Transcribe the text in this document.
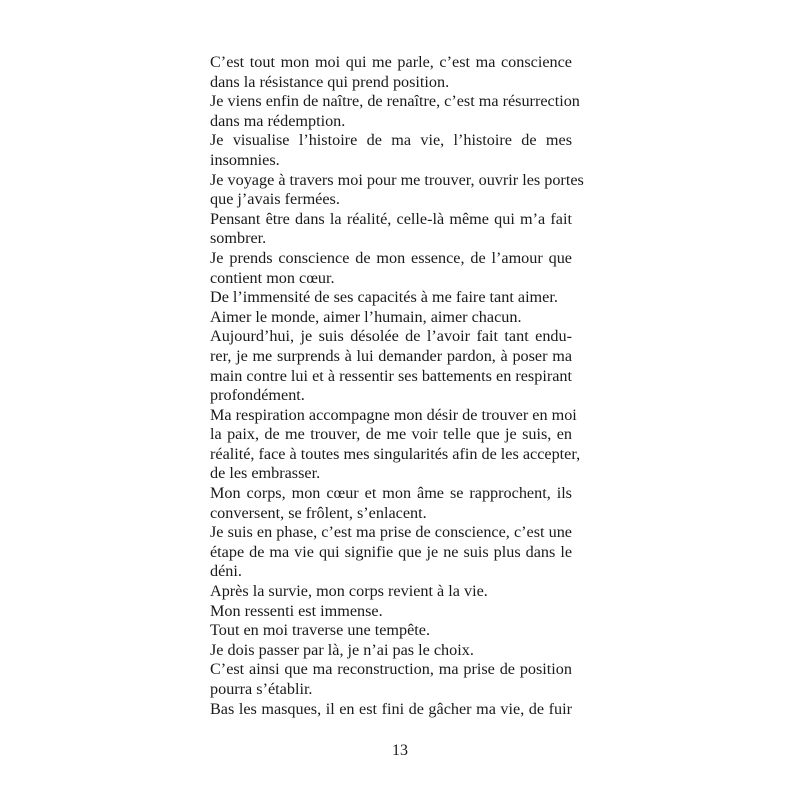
C’est tout mon moi qui me parle, c’est ma conscience
dans la résistance qui prend position.
Je viens enfin de naître, de renaître, c’est ma résurrection
dans ma rédemption.
Je visualise l’histoire de ma vie, l’histoire de mes
insomnies.
Je voyage à travers moi pour me trouver, ouvrir les portes
que j’avais fermées.
Pensant être dans la réalité, celle-là même qui m’a fait
sombrer.
Je prends conscience de mon essence, de l’amour que
contient mon cœur.
De l’immensité de ses capacités à me faire tant aimer.
Aimer le monde, aimer l’humain, aimer chacun.
Aujourd’hui, je suis désolée de l’avoir fait tant endu-
rer, je me surprends à lui demander pardon, à poser ma
main contre lui et à ressentir ses battements en respirant
profondément.
Ma respiration accompagne mon désir de trouver en moi
la paix, de me trouver, de me voir telle que je suis, en
réalité, face à toutes mes singularités afin de les accepter,
de les embrasser.
Mon corps, mon cœur et mon âme se rapprochent, ils
conversent, se frôlent, s’enlacent.
Je suis en phase, c’est ma prise de conscience, c’est une
étape de ma vie qui signifie que je ne suis plus dans le
déni.
Après la survie, mon corps revient à la vie.
Mon ressenti est immense.
Tout en moi traverse une tempête.
Je dois passer par là, je n’ai pas le choix.
C’est ainsi que ma reconstruction, ma prise de position
pourra s’établir.
Bas les masques, il en est fini de gâcher ma vie, de fuir
13
